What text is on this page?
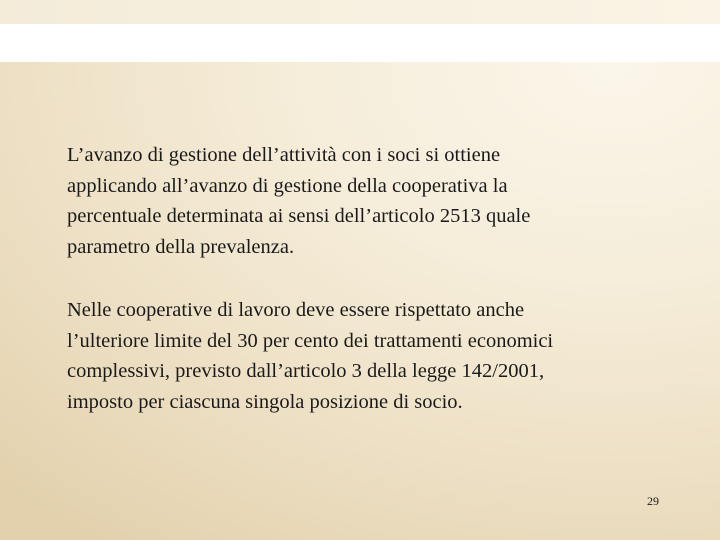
L’avanzo di gestione dell’attività con i soci si ottiene
applicando all’avanzo di gestione della cooperativa la
percentuale determinata ai sensi dell’articolo 2513 quale
parametro della prevalenza.

Nelle cooperative di lavoro deve essere rispettato anche
l’ulteriore limite del 30 per cento dei trattamenti economici
complessivi, previsto dall’articolo 3 della legge 142/2001,
imposto per ciascuna singola posizione di socio.

29
